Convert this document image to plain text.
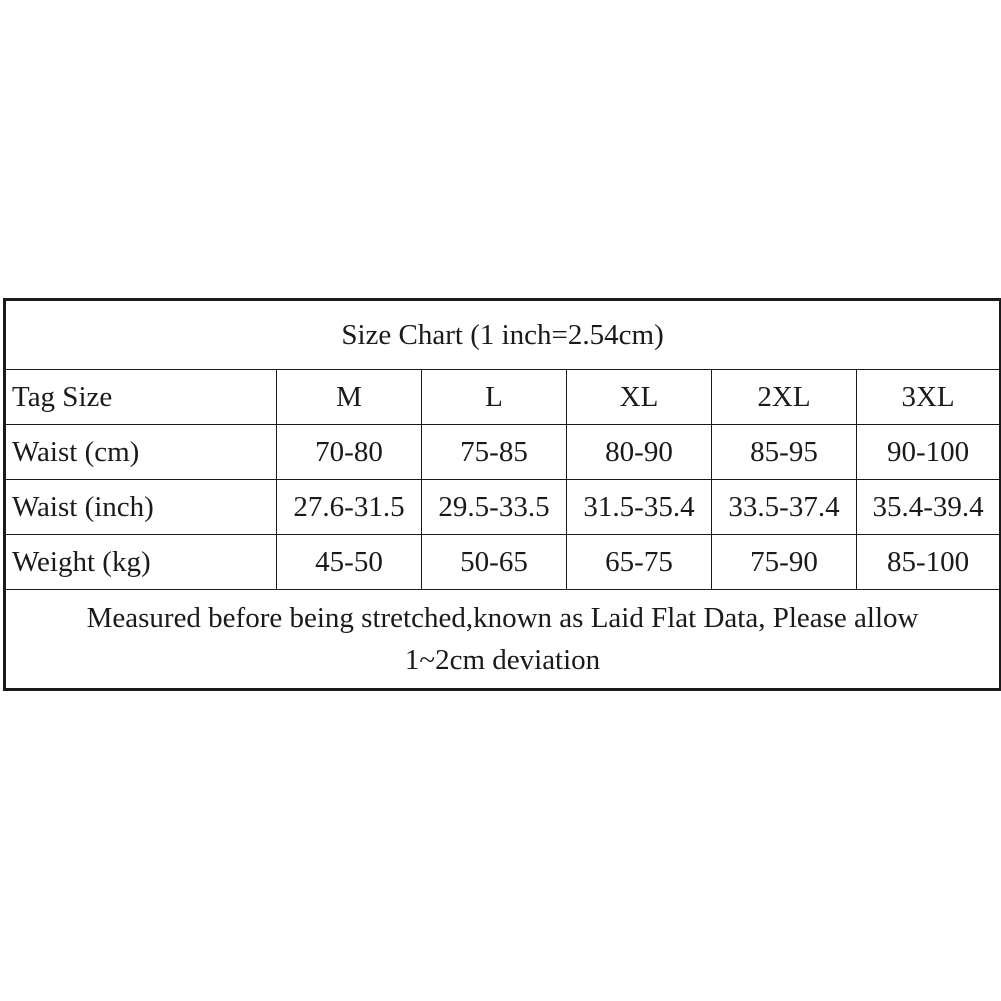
Size Chart (1 inch=2.54cm)					
Tag Size	M	L	XL	2XL	3XL
Waist (cm)	70-80	75-85	80-90	85-95	90-100
Waist (inch)	27.6-31.5	29.5-33.5	31.5-35.4	33.5-37.4	35.4-39.4
Weight (kg)	45-50	50-65	65-75	75-90	85-100

Measured before being stretched,known as Laid Flat Data, Please allow
1~2cm deviation					
